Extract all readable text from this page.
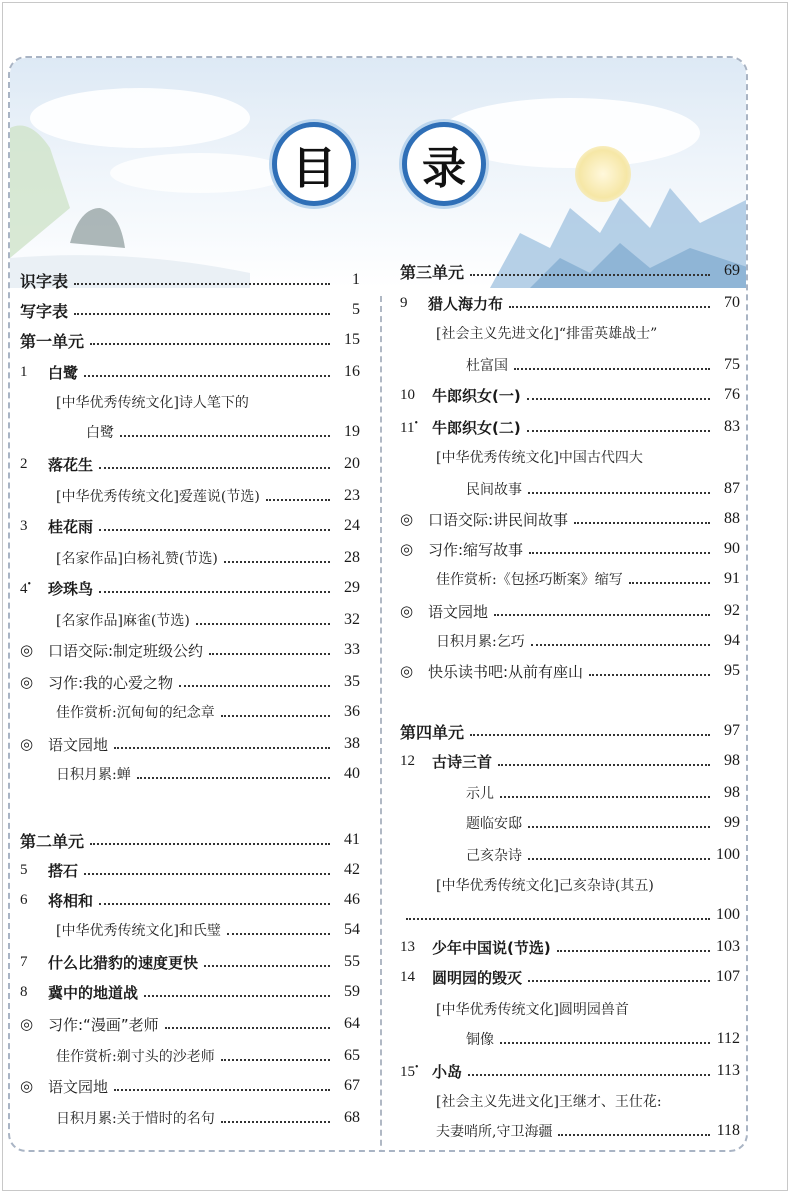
目	录
识字表	1
写字表	5
第一单元	15
1	白鹭	16
[中华优秀传统文化]诗人笔下的
白鹭	19
2	落花生	20
[中华优秀传统文化]爱莲说(节选)	23
3	桂花雨	24
[名家作品]白杨礼赞(节选)	28
4•	珍珠鸟	29
[名家作品]麻雀(节选)	32
◎ 口语交际:制定班级公约	33
◎ 习作:我的心爱之物	35
佳作赏析:沉甸甸的纪念章	36
◎ 语文园地	38
日积月累:蝉	40
第二单元	41
5	搭石	42
6	将相和	46
[中华优秀传统文化]和氏璧	54
7	什么比猎豹的速度更快	55
8	冀中的地道战	59
◎ 习作:“漫画”老师	64
佳作赏析:剃寸头的沙老师	65
◎ 语文园地	67
日积月累:关于惜时的名句	68
第三单元	69
9	猎人海力布	70
[社会主义先进文化]“排雷英雄战士”
杜富国	75
10	牛郎织女(一)	76
11• 牛郎织女(二)	83
[中华优秀传统文化]中国古代四大
民间故事	87
◎ 口语交际:讲民间故事	88
◎ 习作:缩写故事	90
佳作赏析:《包拯巧断案》缩写	91
◎ 语文园地	92
日积月累:乞巧	94
◎ 快乐读书吧:从前有座山	95
第四单元	97
12	古诗三首	98
示儿	98
题临安邸	99
己亥杂诗	100
[中华优秀传统文化]己亥杂诗(其五)
100
13	少年中国说(节选)	103
14	圆明园的毁灭	107
[中华优秀传统文化]圆明园兽首
铜像	112
15• 小岛	113
[社会主义先进文化]王继才、王仕花:
夫妻哨所,守卫海疆	118
